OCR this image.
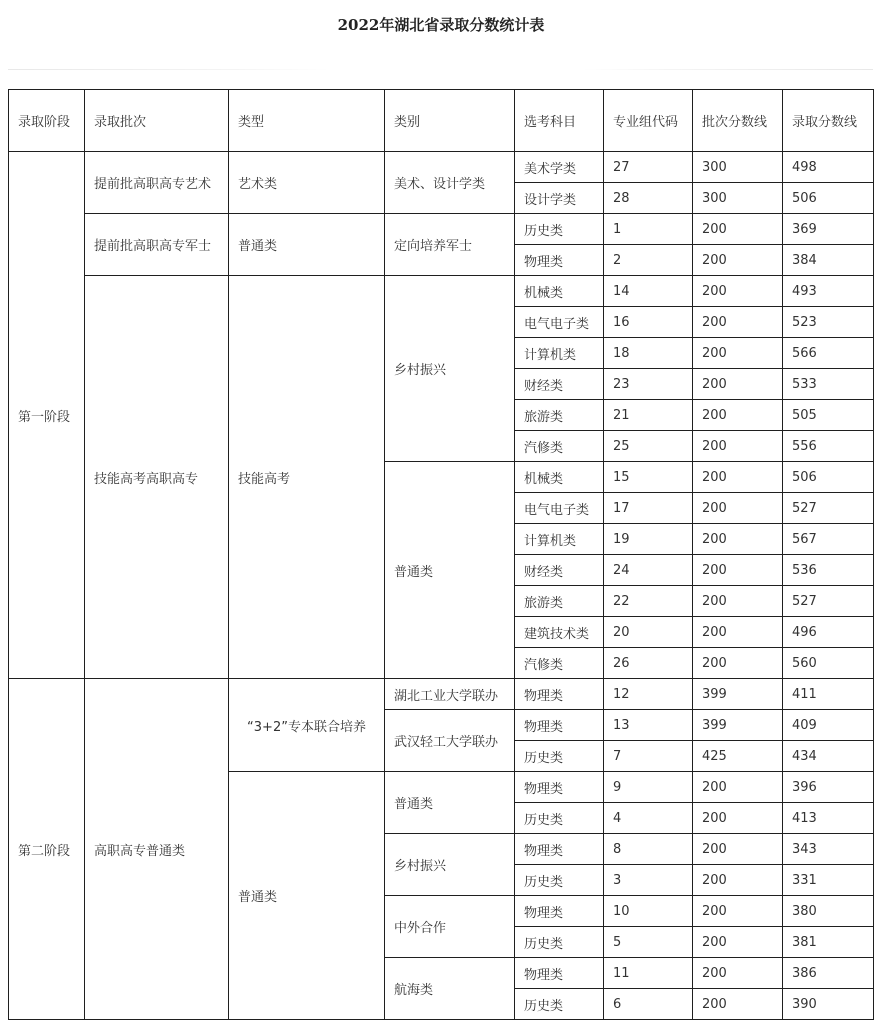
2022年湖北省录取分数统计表
录取阶段	录取批次	类型	类别	选考科目	专业组代码	批次分数线	录取分数线
第一阶段	提前批高职高专艺术	艺术类	美术、设计学类	美术学类	27	300	498
				设计学类	28	300	506
	提前批高职高专军士	普通类	定向培养军士	历史类	1	200	369
				物理类	2	200	384
	技能高考高职高专	技能高考	乡村振兴	机械类	14	200	493
				电气电子类	16	200	523
				计算机类	18	200	566
				财经类	23	200	533
				旅游类	21	200	505
				汽修类	25	200	556
			普通类	机械类	15	200	506
				电气电子类	17	200	527
				计算机类	19	200	567
				财经类	24	200	536
				旅游类	22	200	527
				建筑技术类	20	200	496
				汽修类	26	200	560
第二阶段	高职高专普通类	“3+2”专本联合培养	湖北工业大学联办	物理类	12	399	411
			武汉轻工大学联办	物理类	13	399	409
				历史类	7	425	434
		普通类	普通类	物理类	9	200	396
				历史类	4	200	413
			乡村振兴	物理类	8	200	343
				历史类	3	200	331
			中外合作	物理类	10	200	380
				历史类	5	200	381
			航海类	物理类	11	200	386
				历史类	6	200	390
